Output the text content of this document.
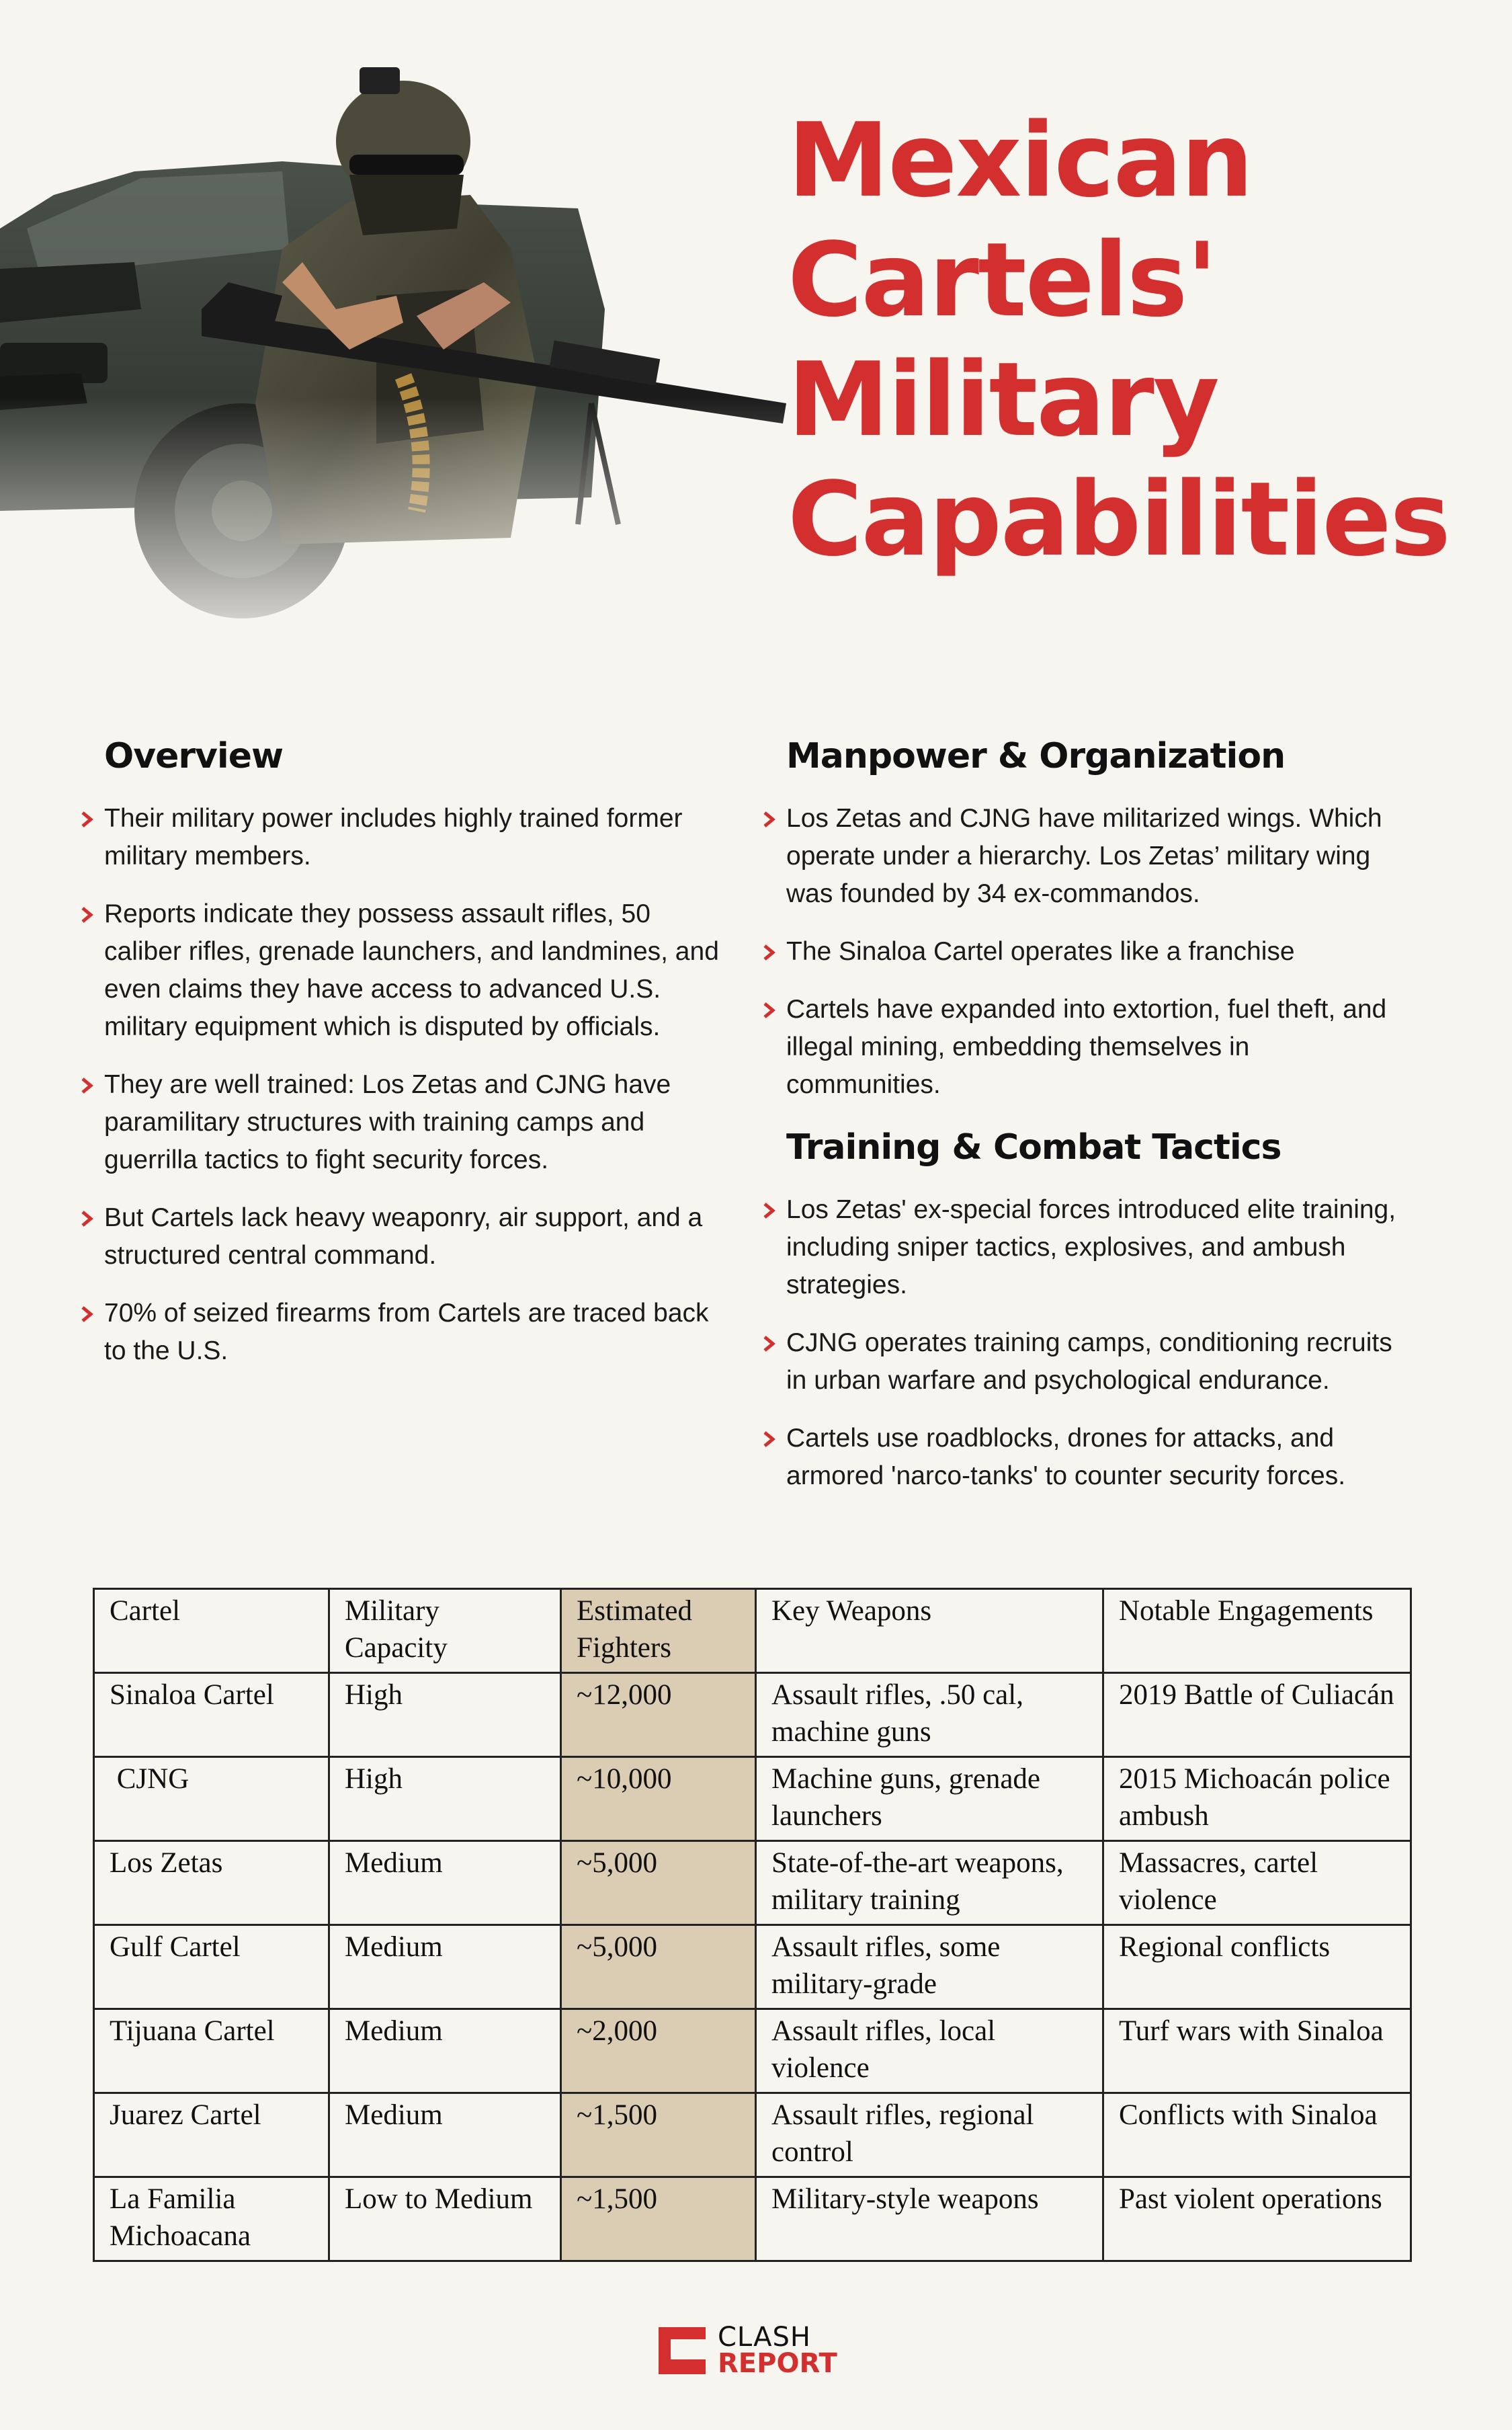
Mexican
Cartels'
Military
Capabilities
Overview
Their military power includes highly trained former military members.
Reports indicate they possess assault rifles, 50 caliber rifles, grenade launchers, and landmines, and even claims they have access to advanced U.S. military equipment which is disputed by officials.
They are well trained: Los Zetas and CJNG have paramilitary structures with training camps and guerrilla tactics to fight security forces.
But Cartels lack heavy weaponry, air support, and a structured central command.
70% of seized firearms from Cartels are traced back to the U.S.
Manpower & Organization
Los Zetas and CJNG have militarized wings. Which operate under a hierarchy. Los Zetas’ military wing was founded by 34 ex-commandos.
The Sinaloa Cartel operates like a franchise
Cartels have expanded into extortion, fuel theft, and illegal mining, embedding themselves in communities.
Training & Combat Tactics
Los Zetas' ex-special forces introduced elite training, including sniper tactics, explosives, and ambush strategies.
CJNG operates training camps, conditioning recruits in urban warfare and psychological endurance.
Cartels use roadblocks, drones for attacks, and armored 'narco-tanks' to counter security forces.
Cartel	Military Capacity	Estimated Fighters	Key Weapons	Notable Engagements
Sinaloa Cartel	High	~12,000	Assault rifles, .50 cal, machine guns	2019 Battle of Culiacán
CJNG	High	~10,000	Machine guns, grenade launchers	2015 Michoacán police ambush
Los Zetas	Medium	~5,000	State-of-the-art weapons, military training	Massacres, cartel violence
Gulf Cartel	Medium	~5,000	Assault rifles, some military-grade	Regional conflicts
Tijuana Cartel	Medium	~2,000	Assault rifles, local violence	Turf wars with Sinaloa
Juarez Cartel	Medium	~1,500	Assault rifles, regional control	Conflicts with Sinaloa
La Familia Michoacana	Low to Medium	~1,500	Military-style weapons	Past violent operations
CLASH
REPORT
